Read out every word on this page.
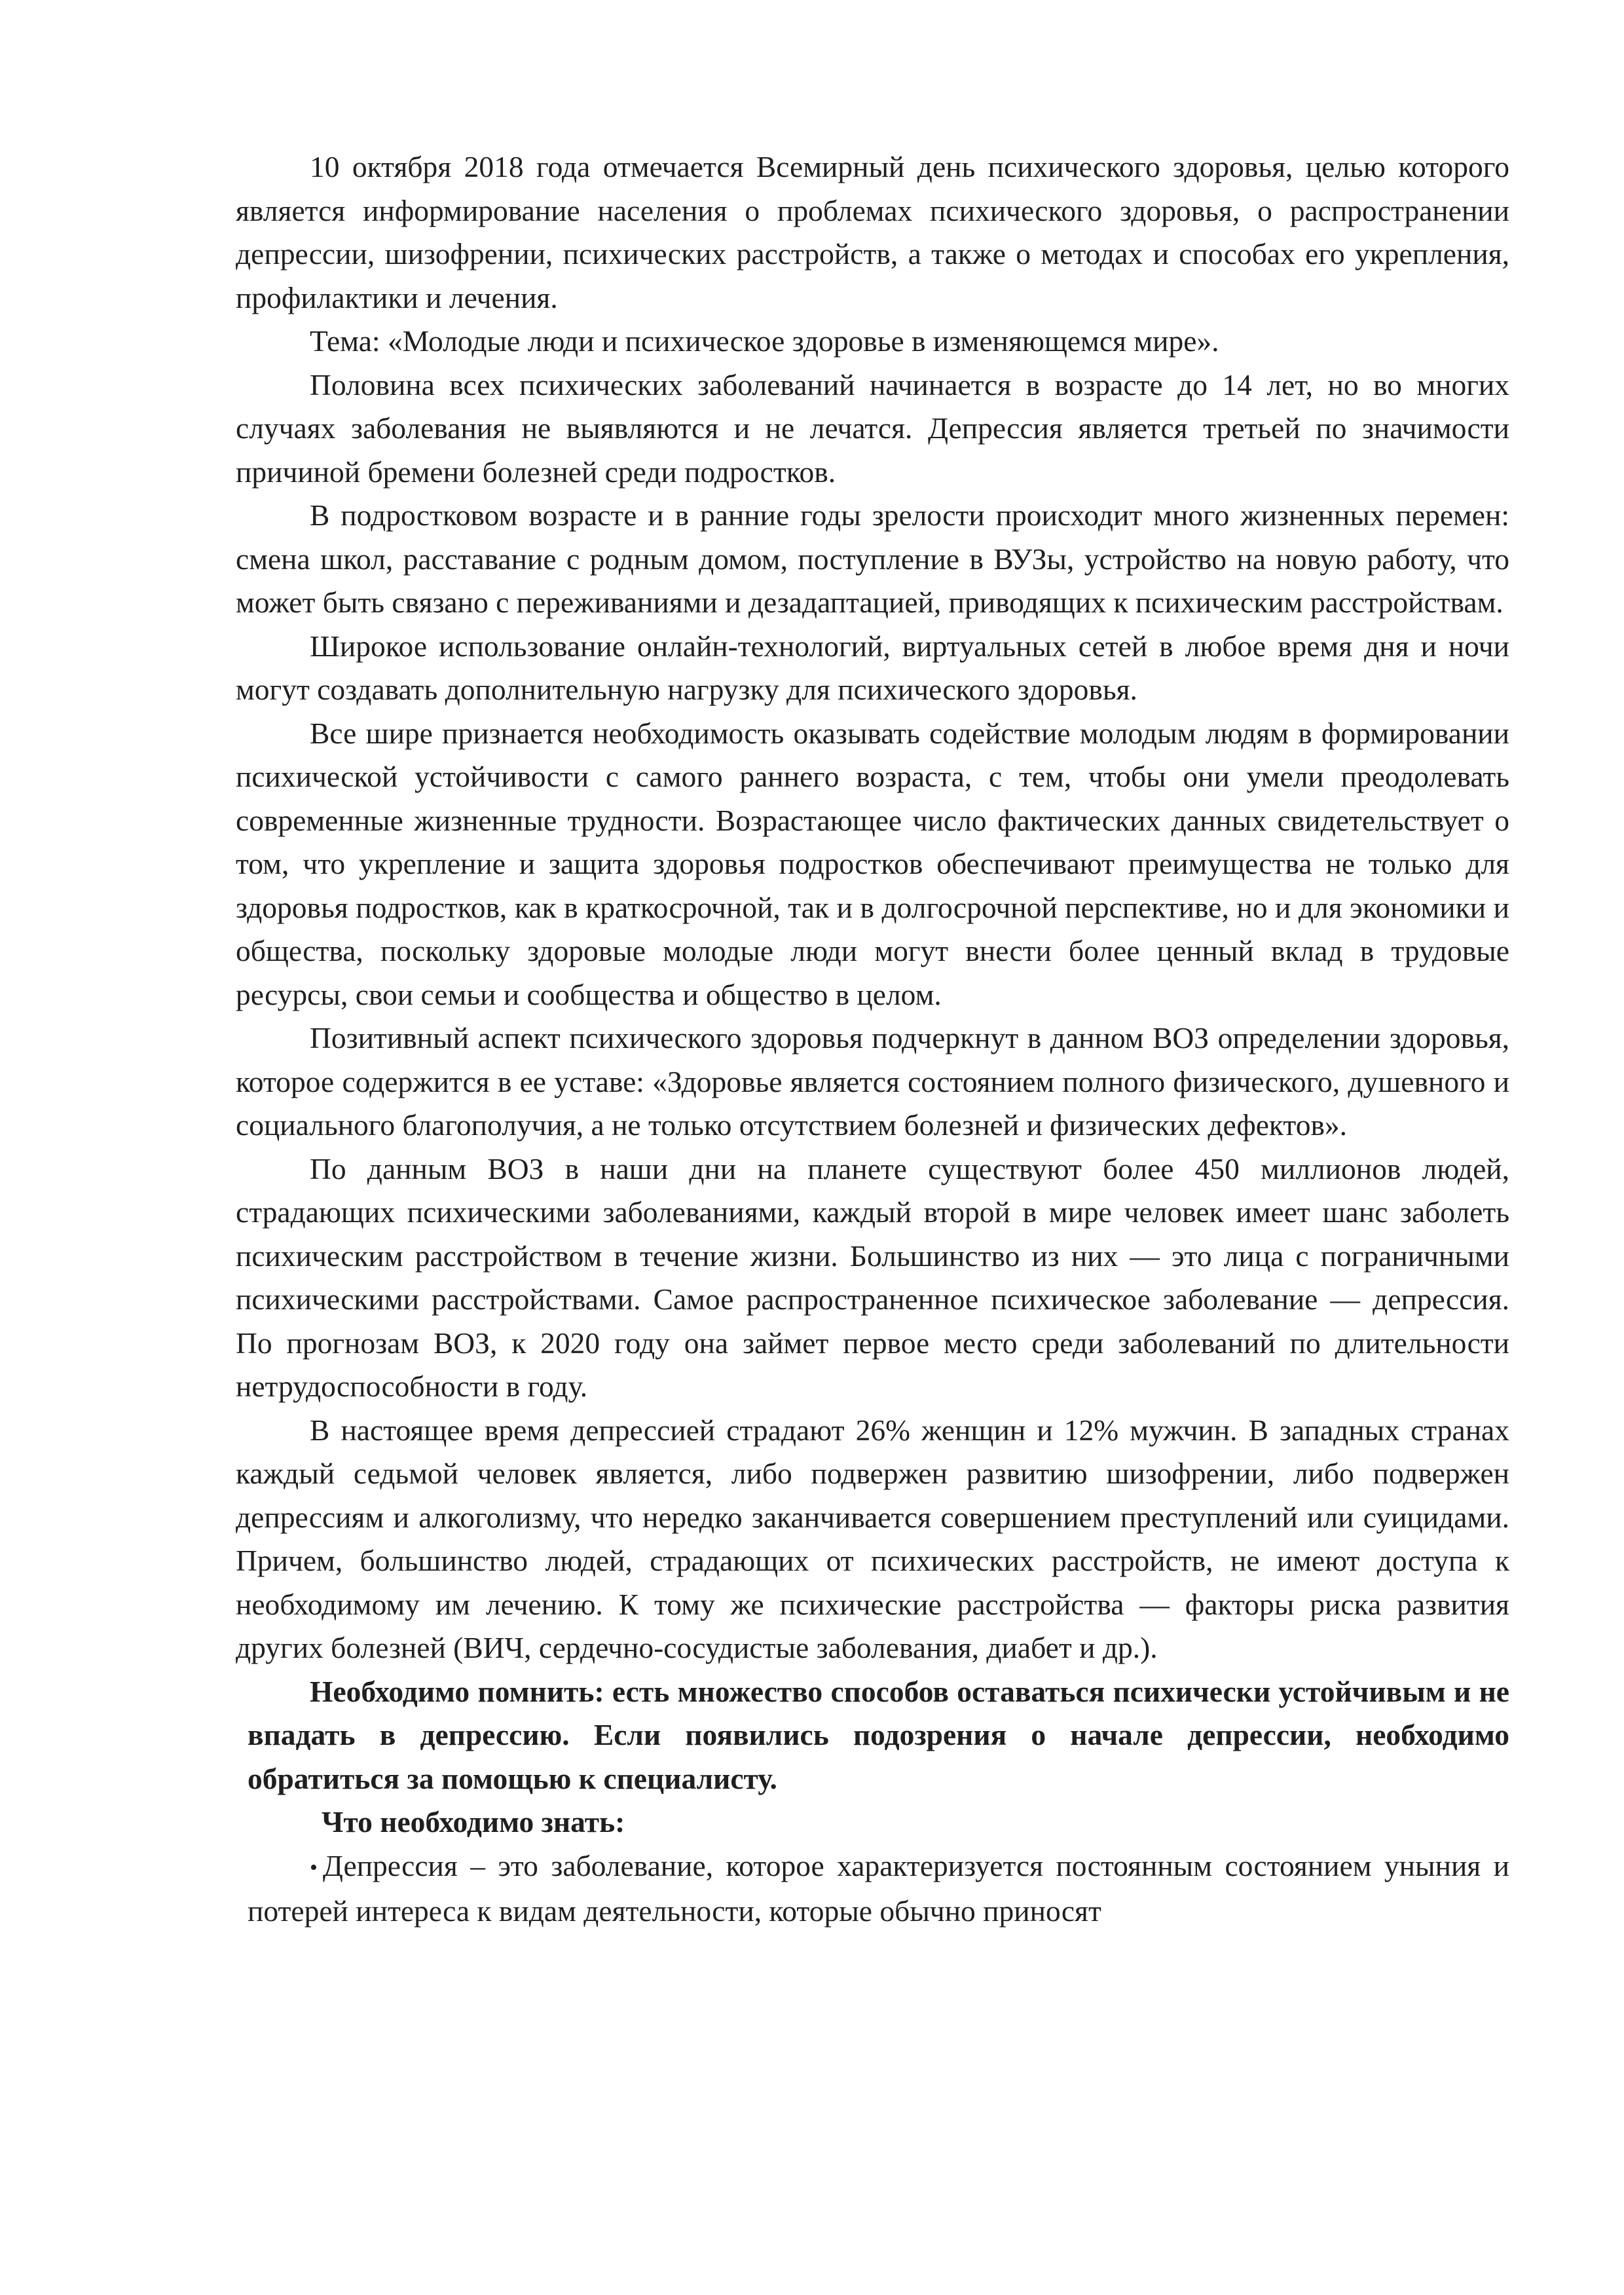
10 октября 2018 года отмечается Всемирный день психического здоровья, целью которого является информирование населения о проблемах психического здоровья, о распространении депрессии, шизофрении, психических расстройств, а также о методах и способах его укрепления, профилактики и лечения.

Тема: «Молодые люди и психическое здоровье в изменяющемся мире».

Половина всех психических заболеваний начинается в возрасте до 14 лет, но во многих случаях заболевания не выявляются и не лечатся. Депрессия является третьей по значимости причиной бремени болезней среди подростков.

В подростковом возрасте и в ранние годы зрелости происходит много жизненных перемен: смена школ, расставание с родным домом, поступление в ВУЗы, устройство на новую работу, что может быть связано с переживаниями и дезадаптацией, приводящих к психическим расстройствам.

Широкое использование онлайн-технологий, виртуальных сетей в любое время дня и ночи могут создавать дополнительную нагрузку для психического здоровья.

Все шире признается необходимость оказывать содействие молодым людям в формировании психической устойчивости с самого раннего возраста, с тем, чтобы они умели преодолевать современные жизненные трудности. Возрастающее число фактических данных свидетельствует о том, что укрепление и защита здоровья подростков обеспечивают преимущества не только для здоровья подростков, как в краткосрочной, так и в долгосрочной перспективе, но и для экономики и общества, поскольку здоровые молодые люди могут внести более ценный вклад в трудовые ресурсы, свои семьи и сообщества и общество в целом.

Позитивный аспект психического здоровья подчеркнут в данном ВОЗ определении здоровья, которое содержится в ее уставе: «Здоровье является состоянием полного физического, душевного и социального благополучия, а не только отсутствием болезней и физических дефектов».

По данным ВОЗ в наши дни на планете существуют более 450 миллионов людей, страдающих психическими заболеваниями, каждый второй в мире человек имеет шанс заболеть психическим расстройством в течение жизни. Большинство из них — это лица с пограничными психическими расстройствами. Самое распространенное психическое заболевание — депрессия. По прогнозам ВОЗ, к 2020 году она займет первое место среди заболеваний по длительности нетрудоспособности в году.

В настоящее время депрессией страдают 26% женщин и 12% мужчин. В западных странах каждый седьмой человек является, либо подвержен развитию шизофрении, либо подвержен депрессиям и алкоголизму, что нередко заканчивается совершением преступлений или суицидами. Причем, большинство людей, страдающих от психических расстройств, не имеют доступа к необходимому им лечению. К тому же психические расстройства — факторы риска развития других болезней (ВИЧ, сердечно-сосудистые заболевания, диабет и др.).

Необходимо помнить: есть множество способов оставаться психически устойчивым и не впадать в депрессию. Если появились подозрения о начале депрессии, необходимо обратиться за помощью к специалисту.

Что необходимо знать:

• Депрессия – это заболевание, которое характеризуется постоянным состоянием уныния и потерей интереса к видам деятельности, которые обычно приносят
